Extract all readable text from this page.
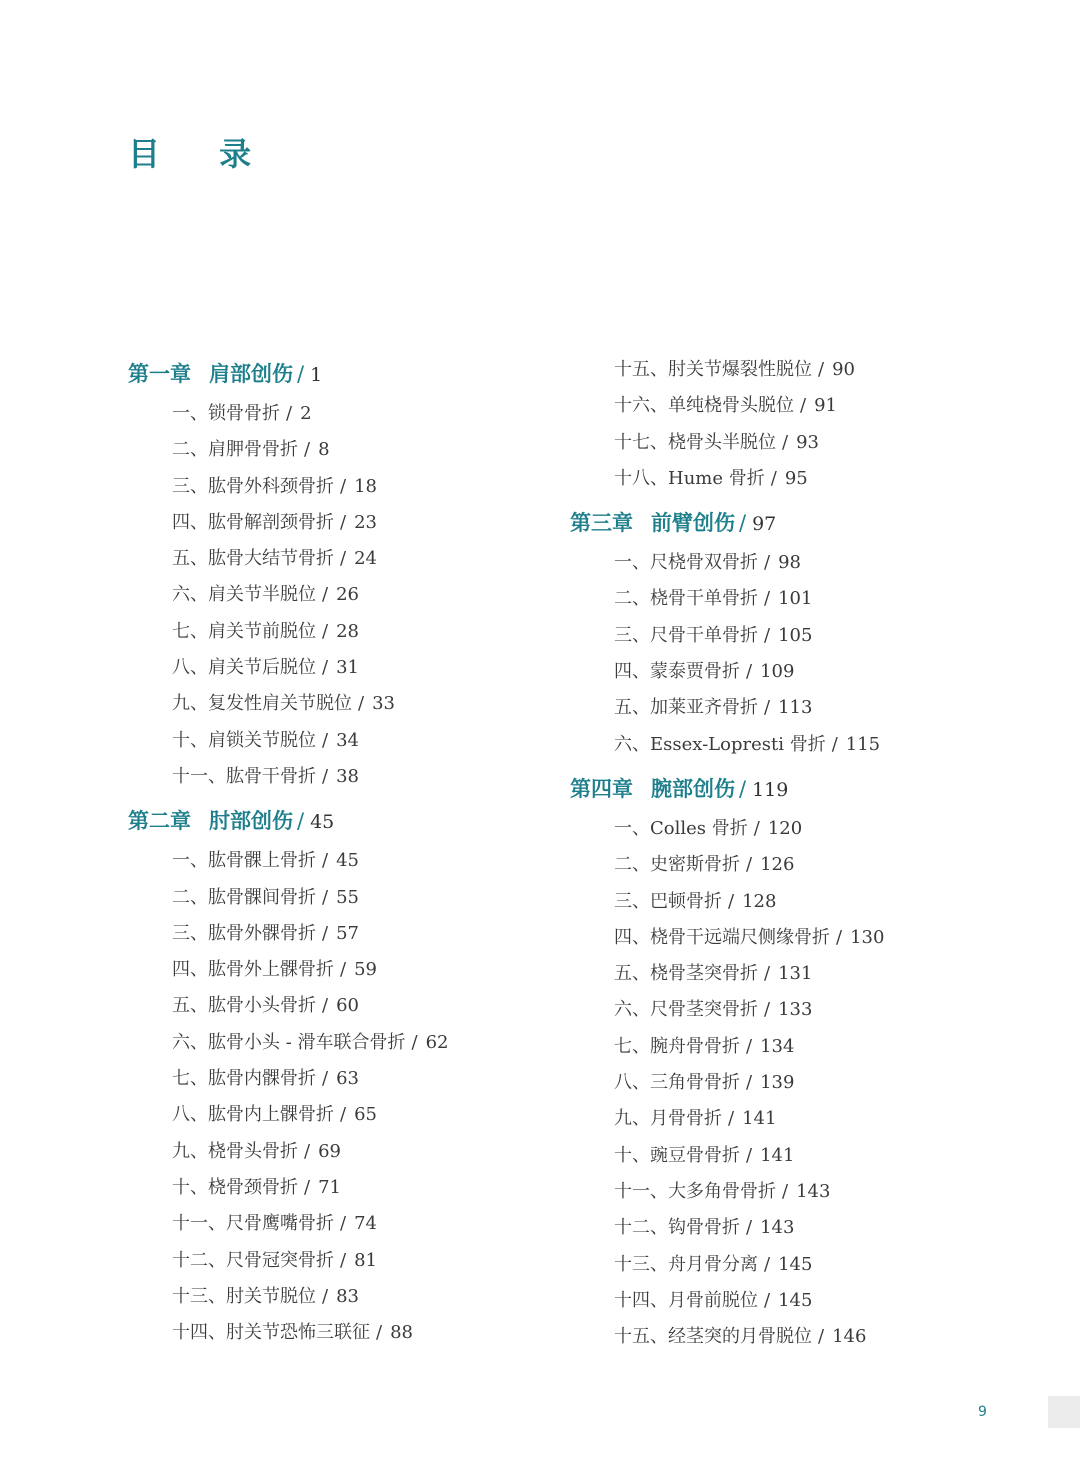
目 录
第一章 肩部创伤 / 1
一、锁骨骨折 / 2
二、肩胛骨骨折 / 8
三、肱骨外科颈骨折 / 18
四、肱骨解剖颈骨折 / 23
五、肱骨大结节骨折 / 24
六、肩关节半脱位 / 26
七、肩关节前脱位 / 28
八、肩关节后脱位 / 31
九、复发性肩关节脱位 / 33
十、肩锁关节脱位 / 34
十一、肱骨干骨折 / 38
第二章 肘部创伤 / 45
一、肱骨髁上骨折 / 45
二、肱骨髁间骨折 / 55
三、肱骨外髁骨折 / 57
四、肱骨外上髁骨折 / 59
五、肱骨小头骨折 / 60
六、肱骨小头 - 滑车联合骨折 / 62
七、肱骨内髁骨折 / 63
八、肱骨内上髁骨折 / 65
九、桡骨头骨折 / 69
十、桡骨颈骨折 / 71
十一、尺骨鹰嘴骨折 / 74
十二、尺骨冠突骨折 / 81
十三、肘关节脱位 / 83
十四、肘关节恐怖三联征 / 88
十五、肘关节爆裂性脱位 / 90
十六、单纯桡骨头脱位 / 91
十七、桡骨头半脱位 / 93
十八、Hume 骨折 / 95
第三章 前臂创伤 / 97
一、尺桡骨双骨折 / 98
二、桡骨干单骨折 / 101
三、尺骨干单骨折 / 105
四、蒙泰贾骨折 / 109
五、加莱亚齐骨折 / 113
六、Essex-Lopresti 骨折 / 115
第四章 腕部创伤 / 119
一、Colles 骨折 / 120
二、史密斯骨折 / 126
三、巴顿骨折 / 128
四、桡骨干远端尺侧缘骨折 / 130
五、桡骨茎突骨折 / 131
六、尺骨茎突骨折 / 133
七、腕舟骨骨折 / 134
八、三角骨骨折 / 139
九、月骨骨折 / 141
十、豌豆骨骨折 / 141
十一、大多角骨骨折 / 143
十二、钩骨骨折 / 143
十三、舟月骨分离 / 145
十四、月骨前脱位 / 145
十五、经茎突的月骨脱位 / 146
9
